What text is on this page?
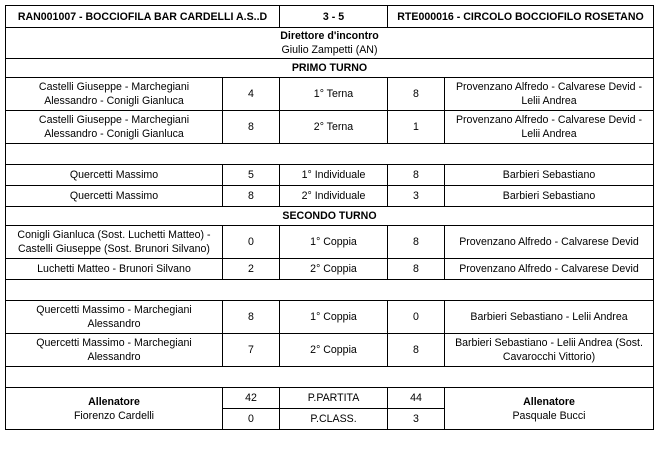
RAN001007 - BOCCIOFILA BAR CARDELLI A.S..D		3 - 5	RTE000016 - CIRCOLO BOCCIOFILO ROSETANO	

Direttore d'incontro
Giulio Zampetti (AN)				

PRIMO TURNO				

Castelli Giuseppe - Marchegiani
Alessandro - Conigli Gianluca	4	1° Terna	8	Provenzano Alfredo - Calvarese Devid -
Lelii Andrea

Castelli Giuseppe - Marchegiani
Alessandro - Conigli Gianluca	8	2° Terna	1	Provenzano Alfredo - Calvarese Devid -
Lelii Andrea

Quercetti Massimo	5	1° Individuale	8	Barbieri Sebastiano
Quercetti Massimo	8	2° Individuale	3	Barbieri Sebastiano
SECONDO TURNO				

Conigli Gianluca (Sost. Luchetti Matteo) -
Castelli Giuseppe (Sost. Brunori Silvano)	0	1° Coppia	8	Provenzano Alfredo - Calvarese Devid
Luchetti Matteo - Brunori Silvano	2	2° Coppia	8	Provenzano Alfredo - Calvarese Devid

Quercetti Massimo - Marchegiani
Alessandro	8	1° Coppia	0	Barbieri Sebastiano - Lelii Andrea

Quercetti Massimo - Marchegiani
Alessandro	7	2° Coppia	8	Barbieri Sebastiano - Lelii Andrea (Sost.
Cavarocchi Vittorio)

Allenatore
Fiorenzo Cardelli	42	P.PARTITA	44	Allenatore
Pasquale Bucci

	0	P.CLASS.	3	
